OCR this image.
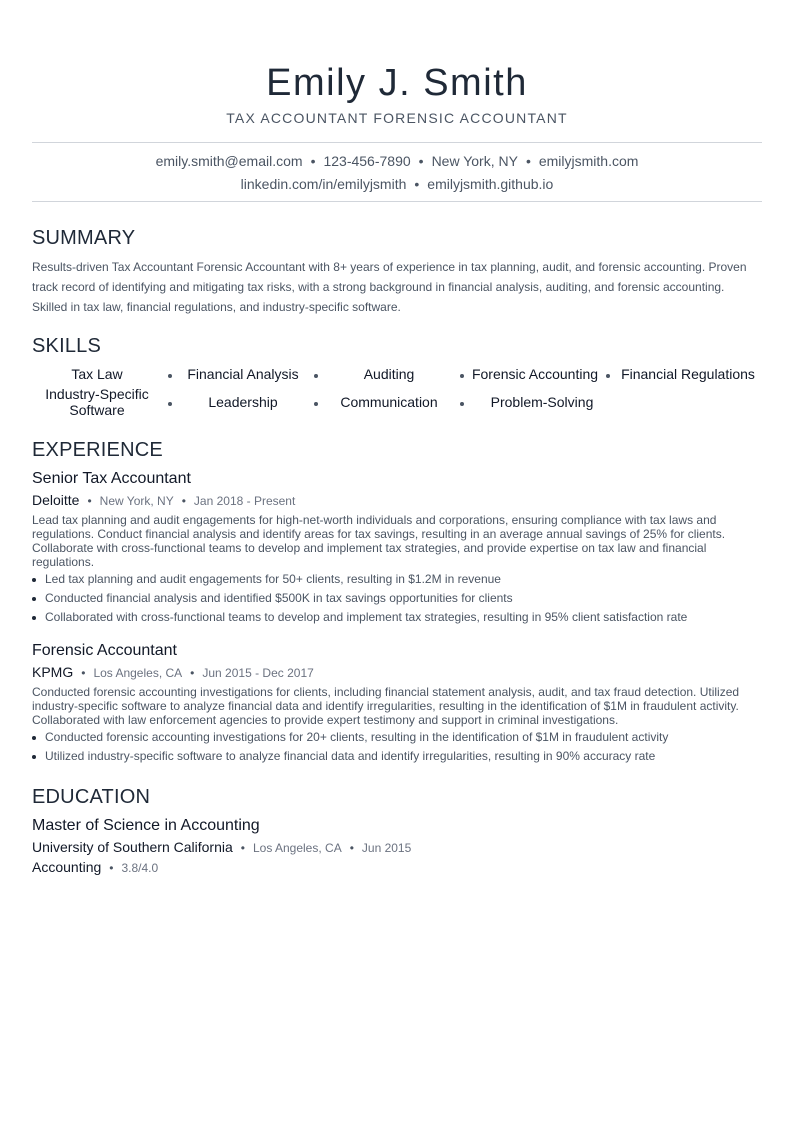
Emily J. Smith
TAX ACCOUNTANT FORENSIC ACCOUNTANT
emily.smith@email.com • 123-456-7890 • New York, NY • emilyjsmith.com
linkedin.com/in/emilyjsmith • emilyjsmith.github.io
SUMMARY
Results-driven Tax Accountant Forensic Accountant with 8+ years of experience in tax planning, audit, and forensic accounting. Proven track record of identifying and mitigating tax risks, with a strong background in financial analysis, auditing, and forensic accounting. Skilled in tax law, financial regulations, and industry-specific software.
SKILLS
Tax Law	Financial Analysis	Auditing	Forensic Accounting	Financial Regulations
Industry-Specific Software	Leadership	Communication	Problem-Solving
EXPERIENCE
Senior Tax Accountant
Deloitte • New York, NY • Jan 2018 - Present
Lead tax planning and audit engagements for high-net-worth individuals and corporations, ensuring compliance with tax laws and regulations. Conduct financial analysis and identify areas for tax savings, resulting in an average annual savings of 25% for clients. Collaborate with cross-functional teams to develop and implement tax strategies, and provide expertise on tax law and financial regulations.
Led tax planning and audit engagements for 50+ clients, resulting in $1.2M in revenue
Conducted financial analysis and identified $500K in tax savings opportunities for clients
Collaborated with cross-functional teams to develop and implement tax strategies, resulting in 95% client satisfaction rate
Forensic Accountant
KPMG • Los Angeles, CA • Jun 2015 - Dec 2017
Conducted forensic accounting investigations for clients, including financial statement analysis, audit, and tax fraud detection. Utilized industry-specific software to analyze financial data and identify irregularities, resulting in the identification of $1M in fraudulent activity. Collaborated with law enforcement agencies to provide expert testimony and support in criminal investigations.
Conducted forensic accounting investigations for 20+ clients, resulting in the identification of $1M in fraudulent activity
Utilized industry-specific software to analyze financial data and identify irregularities, resulting in 90% accuracy rate
EDUCATION
Master of Science in Accounting
University of Southern California • Los Angeles, CA • Jun 2015
Accounting • 3.8/4.0
